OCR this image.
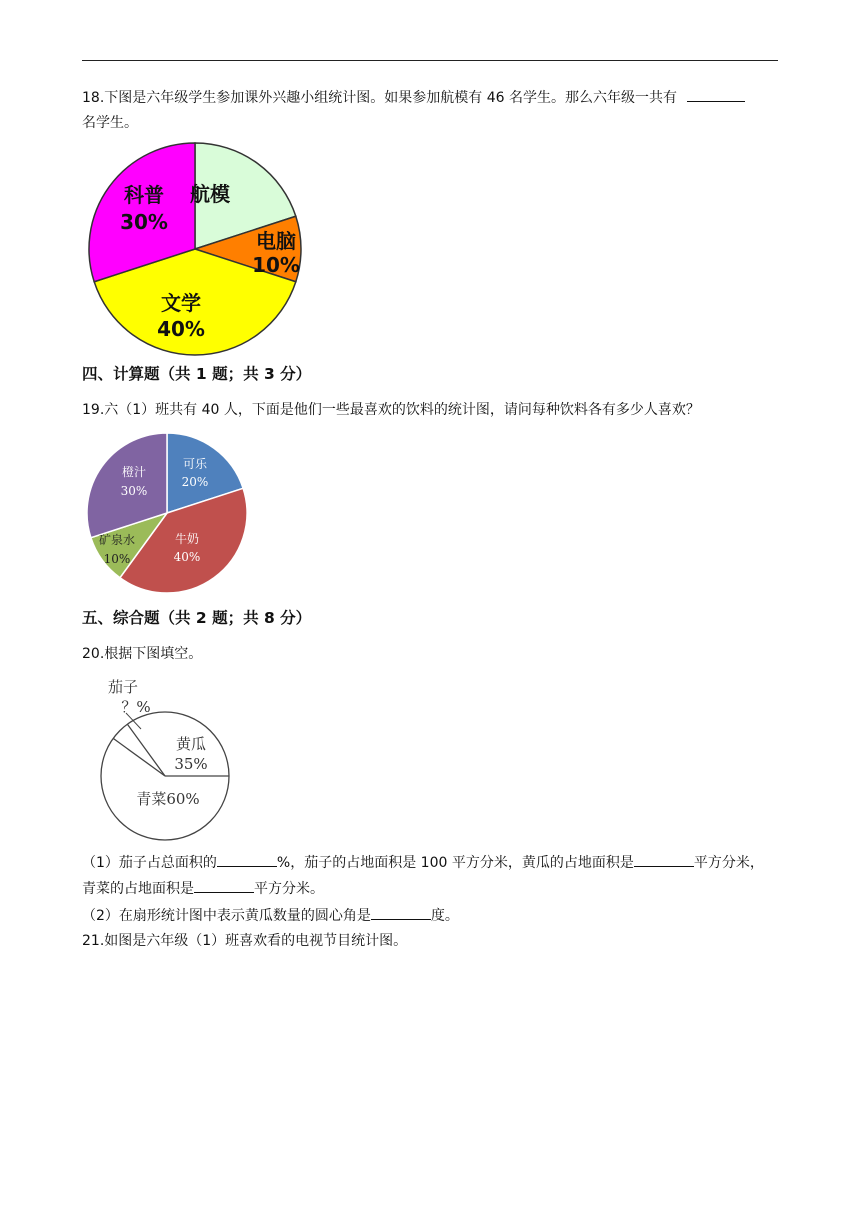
18.下图是六年级学生参加课外兴趣小组统计图。如果参加航模有 46 名学生。那么六年级一共有
名学生。
航模
电脑
10%
文学
40%
科普
30%
四、计算题（共 1 题；共 3 分）
19.六（1）班共有 40 人，下面是他们一些最喜欢的饮料的统计图，请问每种饮料各有多少人喜欢？
可乐
20%
牛奶
40%
矿泉水
10%
橙汁
30%
五、综合题（共 2 题；共 8 分）
20.根据下图填空。
茄子
？%
黄瓜
35%
青菜60%
（1）茄子占总面积的	%，茄子的占地面积是 100 平方分米，黄瓜的占地面积是	平方分米，
青菜的占地面积是	平方分米。
（2）在扇形统计图中表示黄瓜数量的圆心角是	度。
21.如图是六年级（1）班喜欢看的电视节目统计图。
